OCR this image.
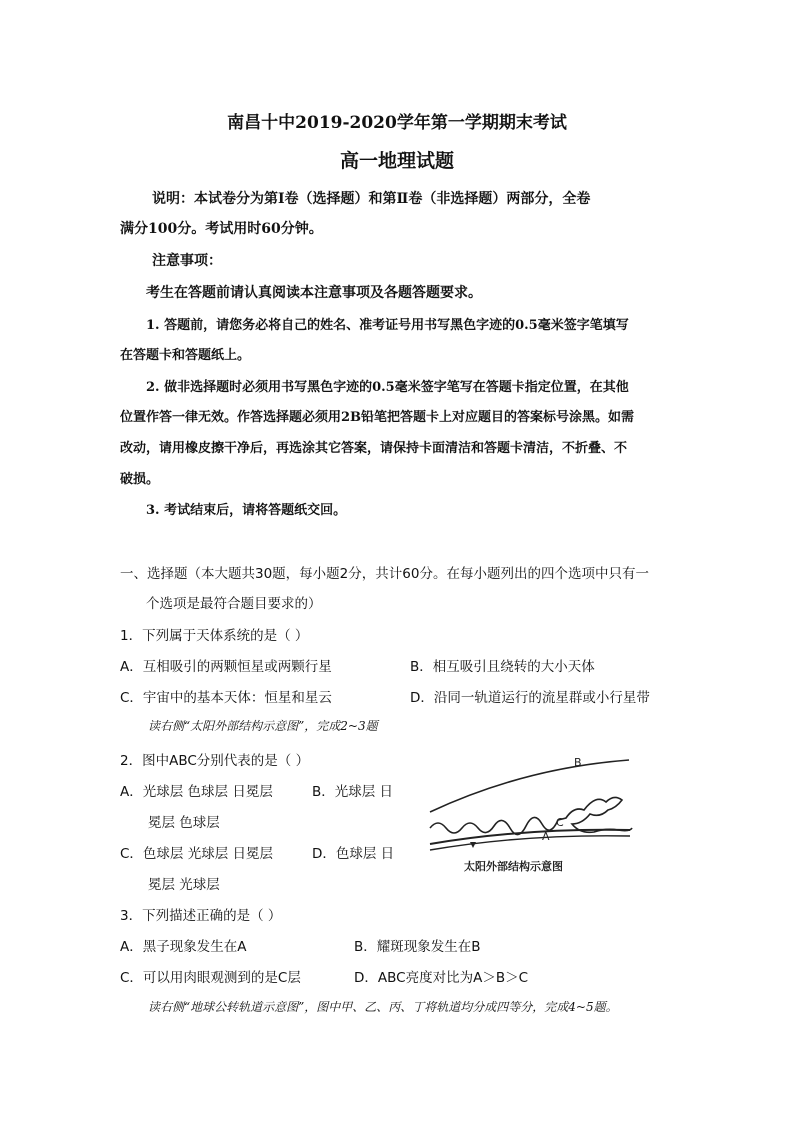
南昌十中2019-2020学年第一学期期末考试
高一地理试题
说明：本试卷分为第Ⅰ卷（选择题）和第Ⅱ卷（非选择题）两部分，全卷
满分100分。考试用时60分钟。
注意事项：
考生在答题前请认真阅读本注意事项及各题答题要求。
1. 答题前，请您务必将自己的姓名、准考证号用书写黑色字迹的0.5毫米签字笔填写
在答题卡和答题纸上。
2. 做非选择题时必须用书写黑色字迹的0.5毫米签字笔写在答题卡指定位置，在其他
位置作答一律无效。作答选择题必须用2B铅笔把答题卡上对应题目的答案标号涂黑。如需
改动，请用橡皮擦干净后，再选涂其它答案，请保持卡面清洁和答题卡清洁，不折叠、不
破损。
3. 考试结束后，请将答题纸交回。
一、选择题（本大题共30题，每小题2分，共计60分。在每小题列出的四个选项中只有一
个选项是最符合题目要求的）
1．下列属于天体系统的是（ ）
A．互相吸引的两颗恒星或两颗行星	B．相互吸引且绕转的大小天体
C．宇宙中的基本天体：恒星和星云	D．沿同一轨道运行的流星群或小行星带
读右侧“太阳外部结构示意图”，完成2~3题
2．图中ABC分别代表的是（ ）
A．光球层 色球层 日冕层	B．光球层 日
冕层 色球层
C．色球层 光球层 日冕层	D．色球层 日
冕层 光球层
B
C
A
太阳外部结构示意图
3．下列描述正确的是（ ）
A．黑子现象发生在A	B．耀斑现象发生在B
C．可以用肉眼观测到的是C层	D．ABC亮度对比为A＞B＞C
读右侧“地球公转轨道示意图”，图中甲、乙、丙、丁将轨道均分成四等分，完成4~5题。
